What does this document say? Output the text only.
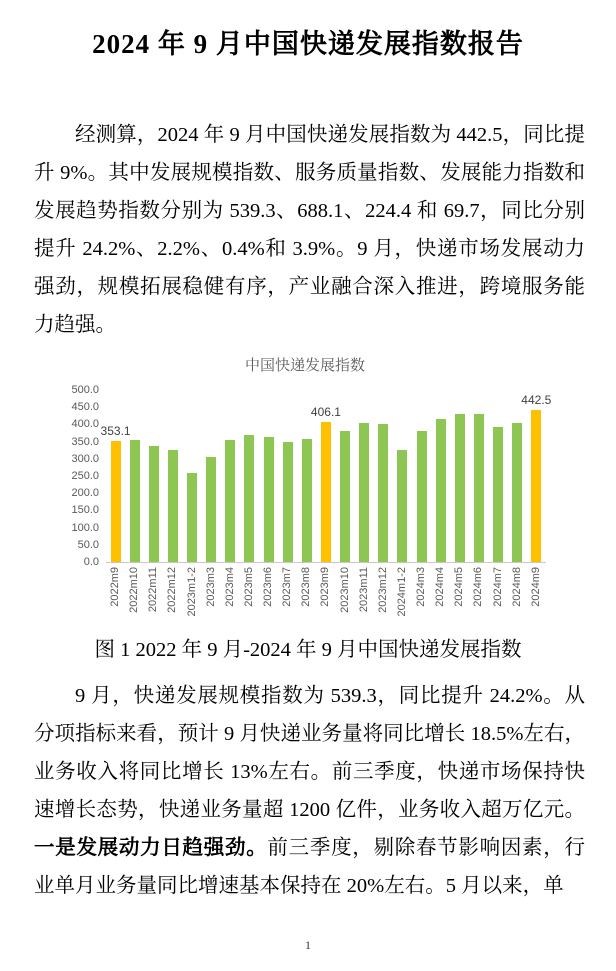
2024 年 9 月中国快递发展指数报告

经测算，2024 年 9 月中国快递发展指数为 442.5，同比提升 9%。其中发展规模指数、服务质量指数、发展能力指数和发展趋势指数分别为 539.3、688.1、224.4 和 69.7，同比分别提升 24.2%、2.2%、0.4%和 3.9%。9 月，快递市场发展动力强劲，规模拓展稳健有序，产业融合深入推进，跨境服务能力趋强。

中国快递发展指数
500.0
450.0
400.0
350.0
300.0
250.0
200.0
150.0
100.0
50.0
0.0
353.1
406.1
442.5
2022m9 2022m10 2022m11 2022m12 2023m1-2 2023m3 2023m4 2023m5 2023m6 2023m7 2023m8 2023m9 2023m10 2023m11 2023m12 2024m1-2 2024m3 2024m4 2024m5 2024m6 2024m7 2024m8 2024m9
图 1 2022 年 9 月-2024 年 9 月中国快递发展指数

9 月，快递发展规模指数为 539.3，同比提升 24.2%。从分项指标来看，预计 9 月快递业务量将同比增长 18.5%左右，业务收入将同比增长 13%左右。前三季度，快递市场保持快速增长态势，快递业务量超 1200 亿件，业务收入超万亿元。一是发展动力日趋强劲。前三季度，剔除春节影响因素，行业单月业务量同比增速基本保持在 20%左右。5 月以来，单

1
